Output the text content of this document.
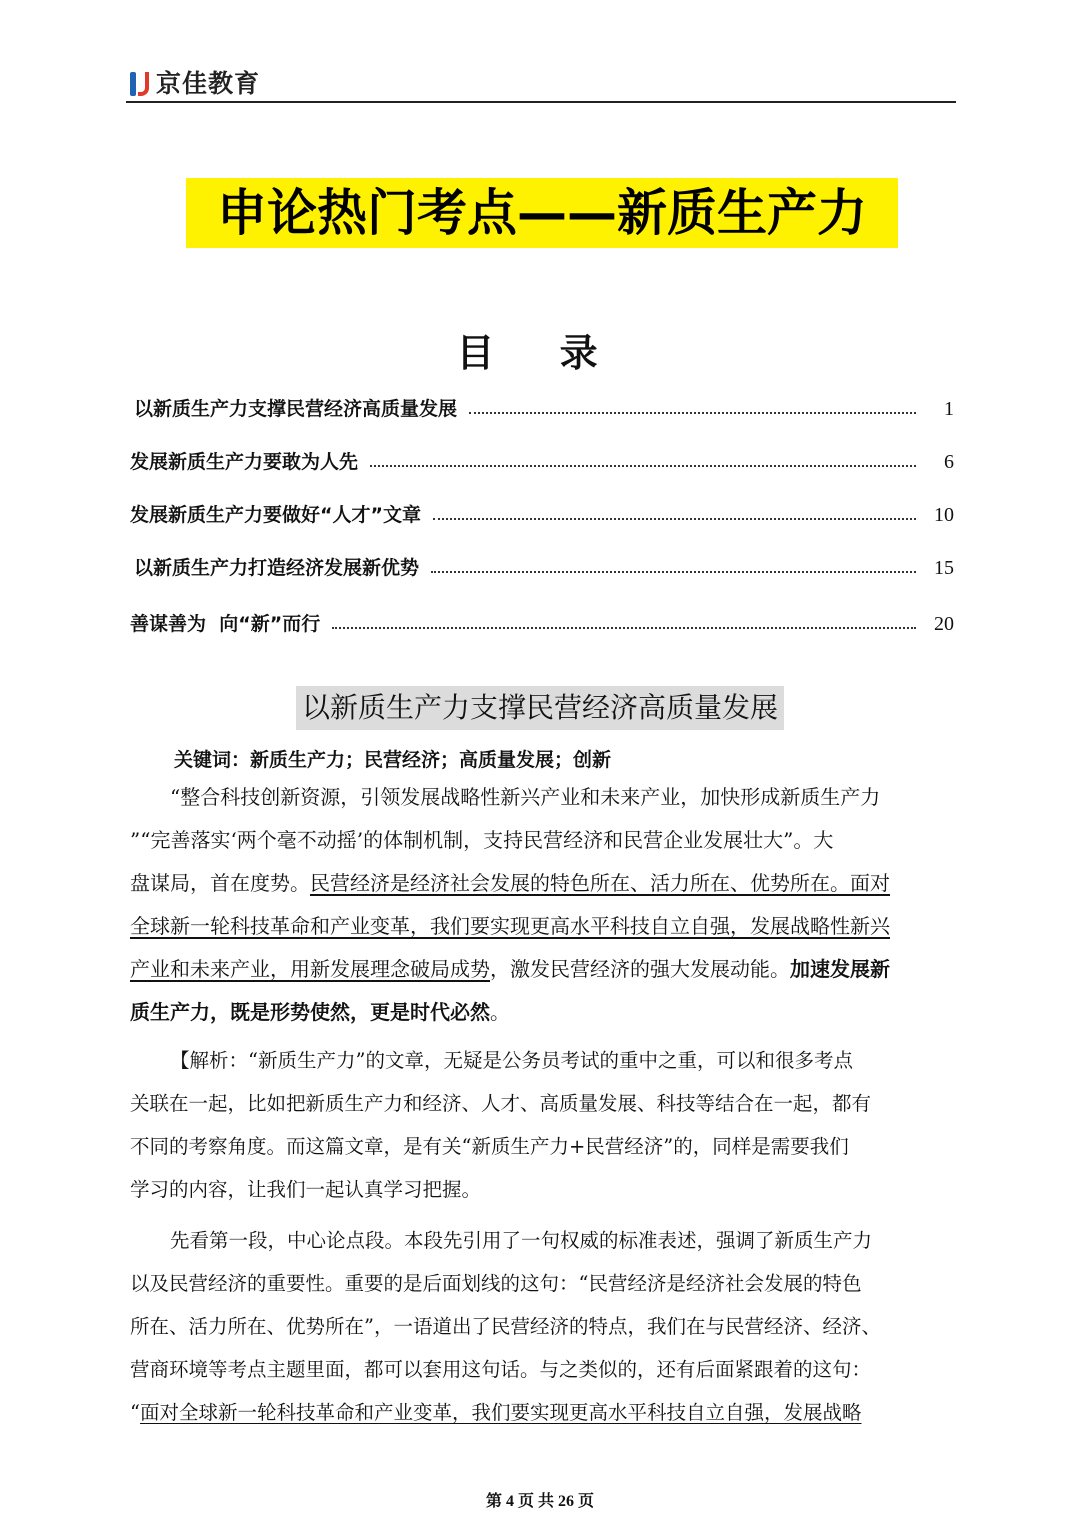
京佳教育
申论热门考点——新质生产力
目 录
以新质生产力支撑民营经济高质量发展	1
发展新质生产力要敢为人先	6
发展新质生产力要做好“人才”文章	10
以新质生产力打造经济发展新优势	15
善谋善为  向“新”而行	20
以新质生产力支撑民营经济高质量发展
关键词：新质生产力；民营经济；高质量发展；创新
“整合科技创新资源，引领发展战略性新兴产业和未来产业，加快形成新质生产力
”“完善落实‘两个毫不动摇’的体制机制，支持民营经济和民营企业发展壮大”。大
盘谋局，首在度势。民营经济是经济社会发展的特色所在、活力所在、优势所在。面对
全球新一轮科技革命和产业变革，我们要实现更高水平科技自立自强，发展战略性新兴
产业和未来产业，用新发展理念破局成势，激发民营经济的强大发展动能。加速发展新
质生产力，既是形势使然，更是时代必然。
【解析：“新质生产力”的文章，无疑是公务员考试的重中之重，可以和很多考点
关联在一起，比如把新质生产力和经济、人才、高质量发展、科技等结合在一起，都有
不同的考察角度。而这篇文章，是有关“新质生产力+民营经济”的，同样是需要我们
学习的内容，让我们一起认真学习把握。
先看第一段，中心论点段。本段先引用了一句权威的标准表述，强调了新质生产力
以及民营经济的重要性。重要的是后面划线的这句：“民营经济是经济社会发展的特色
所在、活力所在、优势所在”，一语道出了民营经济的特点，我们在与民营经济、经济、
营商环境等考点主题里面，都可以套用这句话。与之类似的，还有后面紧跟着的这句：
“面对全球新一轮科技革命和产业变革，我们要实现更高水平科技自立自强，发展战略
第 4 页 共 26 页
